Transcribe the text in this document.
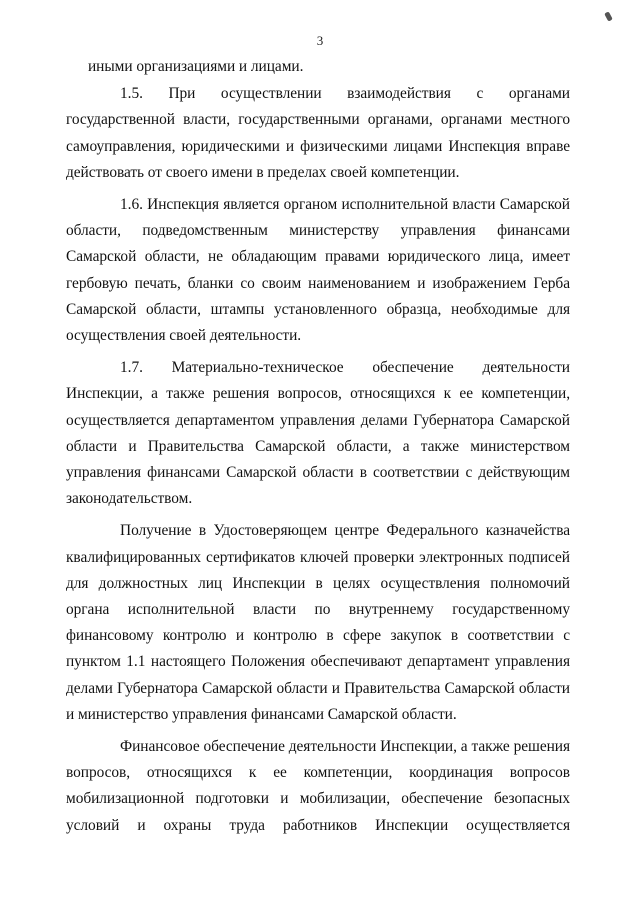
3

иными организациями и лицами.

1.5. При осуществлении взаимодействия с органами государственной власти, государственными органами, органами местного самоуправления, юридическими и физическими лицами Инспекция вправе действовать от своего имени в пределах своей компетенции.

1.6. Инспекция является органом исполнительной власти Самарской области, подведомственным министерству управления финансами Самарской области, не обладающим правами юридического лица, имеет гербовую печать, бланки со своим наименованием и изображением Герба Самарской области, штампы установленного образца, необходимые для осуществления своей деятельности.

1.7. Материально-техническое обеспечение деятельности Инспекции, а также решения вопросов, относящихся к ее компетенции, осуществляется департаментом управления делами Губернатора Самарской области и Правительства Самарской области, а также министерством управления финансами Самарской области в соответствии с действующим законодательством.

Получение в Удостоверяющем центре Федерального казначейства квалифицированных сертификатов ключей проверки электронных подписей для должностных лиц Инспекции в целях осуществления полномочий органа исполнительной власти по внутреннему государственному финансовому контролю и контролю в сфере закупок в соответствии с пунктом 1.1 настоящего Положения обеспечивают департамент управления делами Губернатора Самарской области и Правительства Самарской области и министерство управления финансами Самарской области.

Финансовое обеспечение деятельности Инспекции, а также решения вопросов, относящихся к ее компетенции, координация вопросов мобилизационной подготовки и мобилизации, обеспечение безопасных условий и охраны труда работников Инспекции осуществляется
